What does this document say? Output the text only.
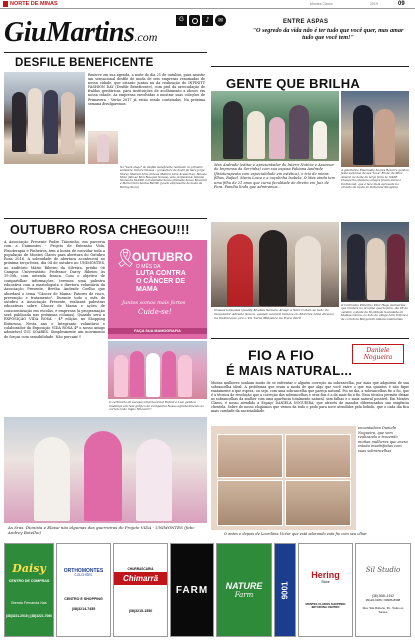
NORTE DE MINAS	Montes Claros	2019	09
GiuMartins.com
G	♪	✉	ENTRE ASPAS
"O segredo da vida não é ter tudo que você quer, mas amar tudo que você tem!"
DESFILE BENEFICENTE
Reserve em sua agenda, a noite do dia 21 de outubro, para assistir um sensacional desfile de moda de seis empresas renomadas de nossa cidade, que estarão juntas na da realização do INFINITY FASHION DAY (Desfile Beneficente), com prol da arrecadação de fraldas geriátricas, para instituições de acolhimento a idosos em nossa cidade. As empresas envolvidas a mostrar suas coleções de Primavera - Verão 2017 já estão sendo contatadas. Na próxima semana divulgaremos.
No "back stage" do desfile beneficente realizado no primeiro semestre, Naiara Nassau - (consultora de moda da Sara Jorge Store), Mairani Lima (lida-se Mairani Lima Acessórios), Simone Mota (lida-se Mon Bouquet Noivas), seta profissional, Silvana Nunes de SAÚDE com Danielle Souza (Danielle Souza Mozerel) e Maria Clara Santos Bertini (jovem empresária da moda da Hering Store)
GENTE QUE BRILHA
Max Andrade (editor e apresentador do Interir Notícia e Assessor de Imprensa da Serrinha) com sua esposa Fabiana Andrade (fisioterapeuta com especialidade em estética), e trio de minas filhas, Rafael, Maria Luiza e a caçulinha Isabela. O Max ainda tem uma filha de 21 anos que cursa faculdade de direito em Juiz de Fora. Família linda que admiramos...
A galeristica Emanuelly Soares Bezerra ganhou festa surpresa de seu "love" Bruno da Silva Amaral na noite de terça feira no NAZE Cheapería (elsmano amigos fazem dersa e tradicional, que é tece mais aprovada no circuito da moda do Ibituruna Shopping
Nossas lobbadas Quality Models Samara Araújo e Sara Cohen se tudo do maquiador Adriano Souza, quando uaaram temece do Motores Lima direcao na tradincacao pra o Vix Turra Mktplace na Folca 2016
O Cerimônia Platerino Vitor Hugo Guimarães que renderá na próxima quarta feira, dia 06 de outubro a idade da Facilidade Sociedade de Montes Claros, ao lado da amiga Lara Tolfoni e da corretora Margareth Amiano Guimarães
OUTUBRO ROSA CHEGOU!!!
A Associação Presente Padre Tiãozinho, em parceria com a Unimontes - Projeto de Extensão Vida, Fisioterapia e Pinheiros, tem a honra de convidar toda a população de Montes Claros para abertura do Outubro Rosa 2016. A solenidade de abertura acontecerá no próxima terça-feira, dia 04 de outubro no UNIMONTES, no auditório Mário Ribeiro da Silveira, prédio 06 Campus Universitário Professor Darcy Ribeiro às 19:30h, com entrada franca. Com o objetivo de compartilhar informações, teremos uma palestra educativa com a mastologista e diretora voluntária da Associação Presente, Bertha Andrade Coelho que abordará o tema "Câncer de Mama: Fatores de risco, prevenção e tratamento". Durante todo o mês de outubro a Associação Presente, realizará palestras educativas sobre Câncer de Mama e ações de conscientização em escolas, e empresas (a programação será publicada nas próximas colunas). Quando será a EXPOSIÇÃO VIDA ROSA - 4ª edição, no Shopping Ibituruna, Nesta ano o Integrante voluntário e colaborador da Exposição VIDA ROSA 4ª o nosso amigo admirável GUI SOARES. Simplesmente um movimento de forças com sensibilidade. Não percam!!!
🎗
OUTUBRO
O MÊS DA
LUTA CONTRA
O CÂNCER DE
MAMA
Juntos somos mais fortes
Cuide-se!
FAÇA SUA MAMOGRAFIA
O certinario de sucesso internacional Fadrid a Luiz ganhou mudança em real gráfico da Campanha Nosso agradecimento no correio todo mijeo Nilócan!!!
As Sras. Dionisia e Elaise não algumas das guerreiras do Projeto VIDA - UNIMONTES (foto: Andrey Botelho)
FIO A FIO
É MAIS NATURAL...
Daniele Nogueira
Muitas mulheres sonham muito de se enfrentar o alguém correção na sobrancelha, por mais que adquirem de sua sobrancelha ideal. A problemas que eram a moda de que algo que você entre o que sua quantos é não fique exatamente a que espera, ou seja, com uma sobrancelha que pareça natural. Foi no dia, a sobrancelhas fio a fio, que é a técnica de resolução que a correção das sobrancelhas e seus fios é a da mais fio a fio. Essa técnica permite deixar as sobrancelhas da mulher com uma aparência totalmente natural, sem falhas e o mais natural possível. Em Montes Claros, é nosso atendido a Espaço DANIELA NOGUEIRA, que através de mandos diferenciados sua exigência clientela. Sobre do nosso elogiamos que vemos da todo o pedo para nove atendidos pela bebido, que o cada dia fica mais caridade da nacionalidade.
encantadora Daniela Nogueira, que vem realizando e trazendo muitas mulheres que aceso estaão insatisfeitas com suas sobrancelhas
O antes e depois de Lourilima Victor que está adorando esta fio com seu olhar
Daisy
CENTRO DE COMPRAS
Brenda Fernanda Nas
(38)3221-2015 | (38)3221-7060
ORTHOMONTES
COLCHÕES
CENTRO E SHOPPING
(38)3214-7455
CHURRASCARIA
Chimarrã
(38)3215-1550
FARM NATURE
Farm	9001
Hering
Store
MONTES CLAROS SHOPPING IBITURUNA CENTRO
Sil Studio
(38) 3081-1912
99122-6186 | 99986-8998
Rua: São Roberto, 39 - Todos os Santos
